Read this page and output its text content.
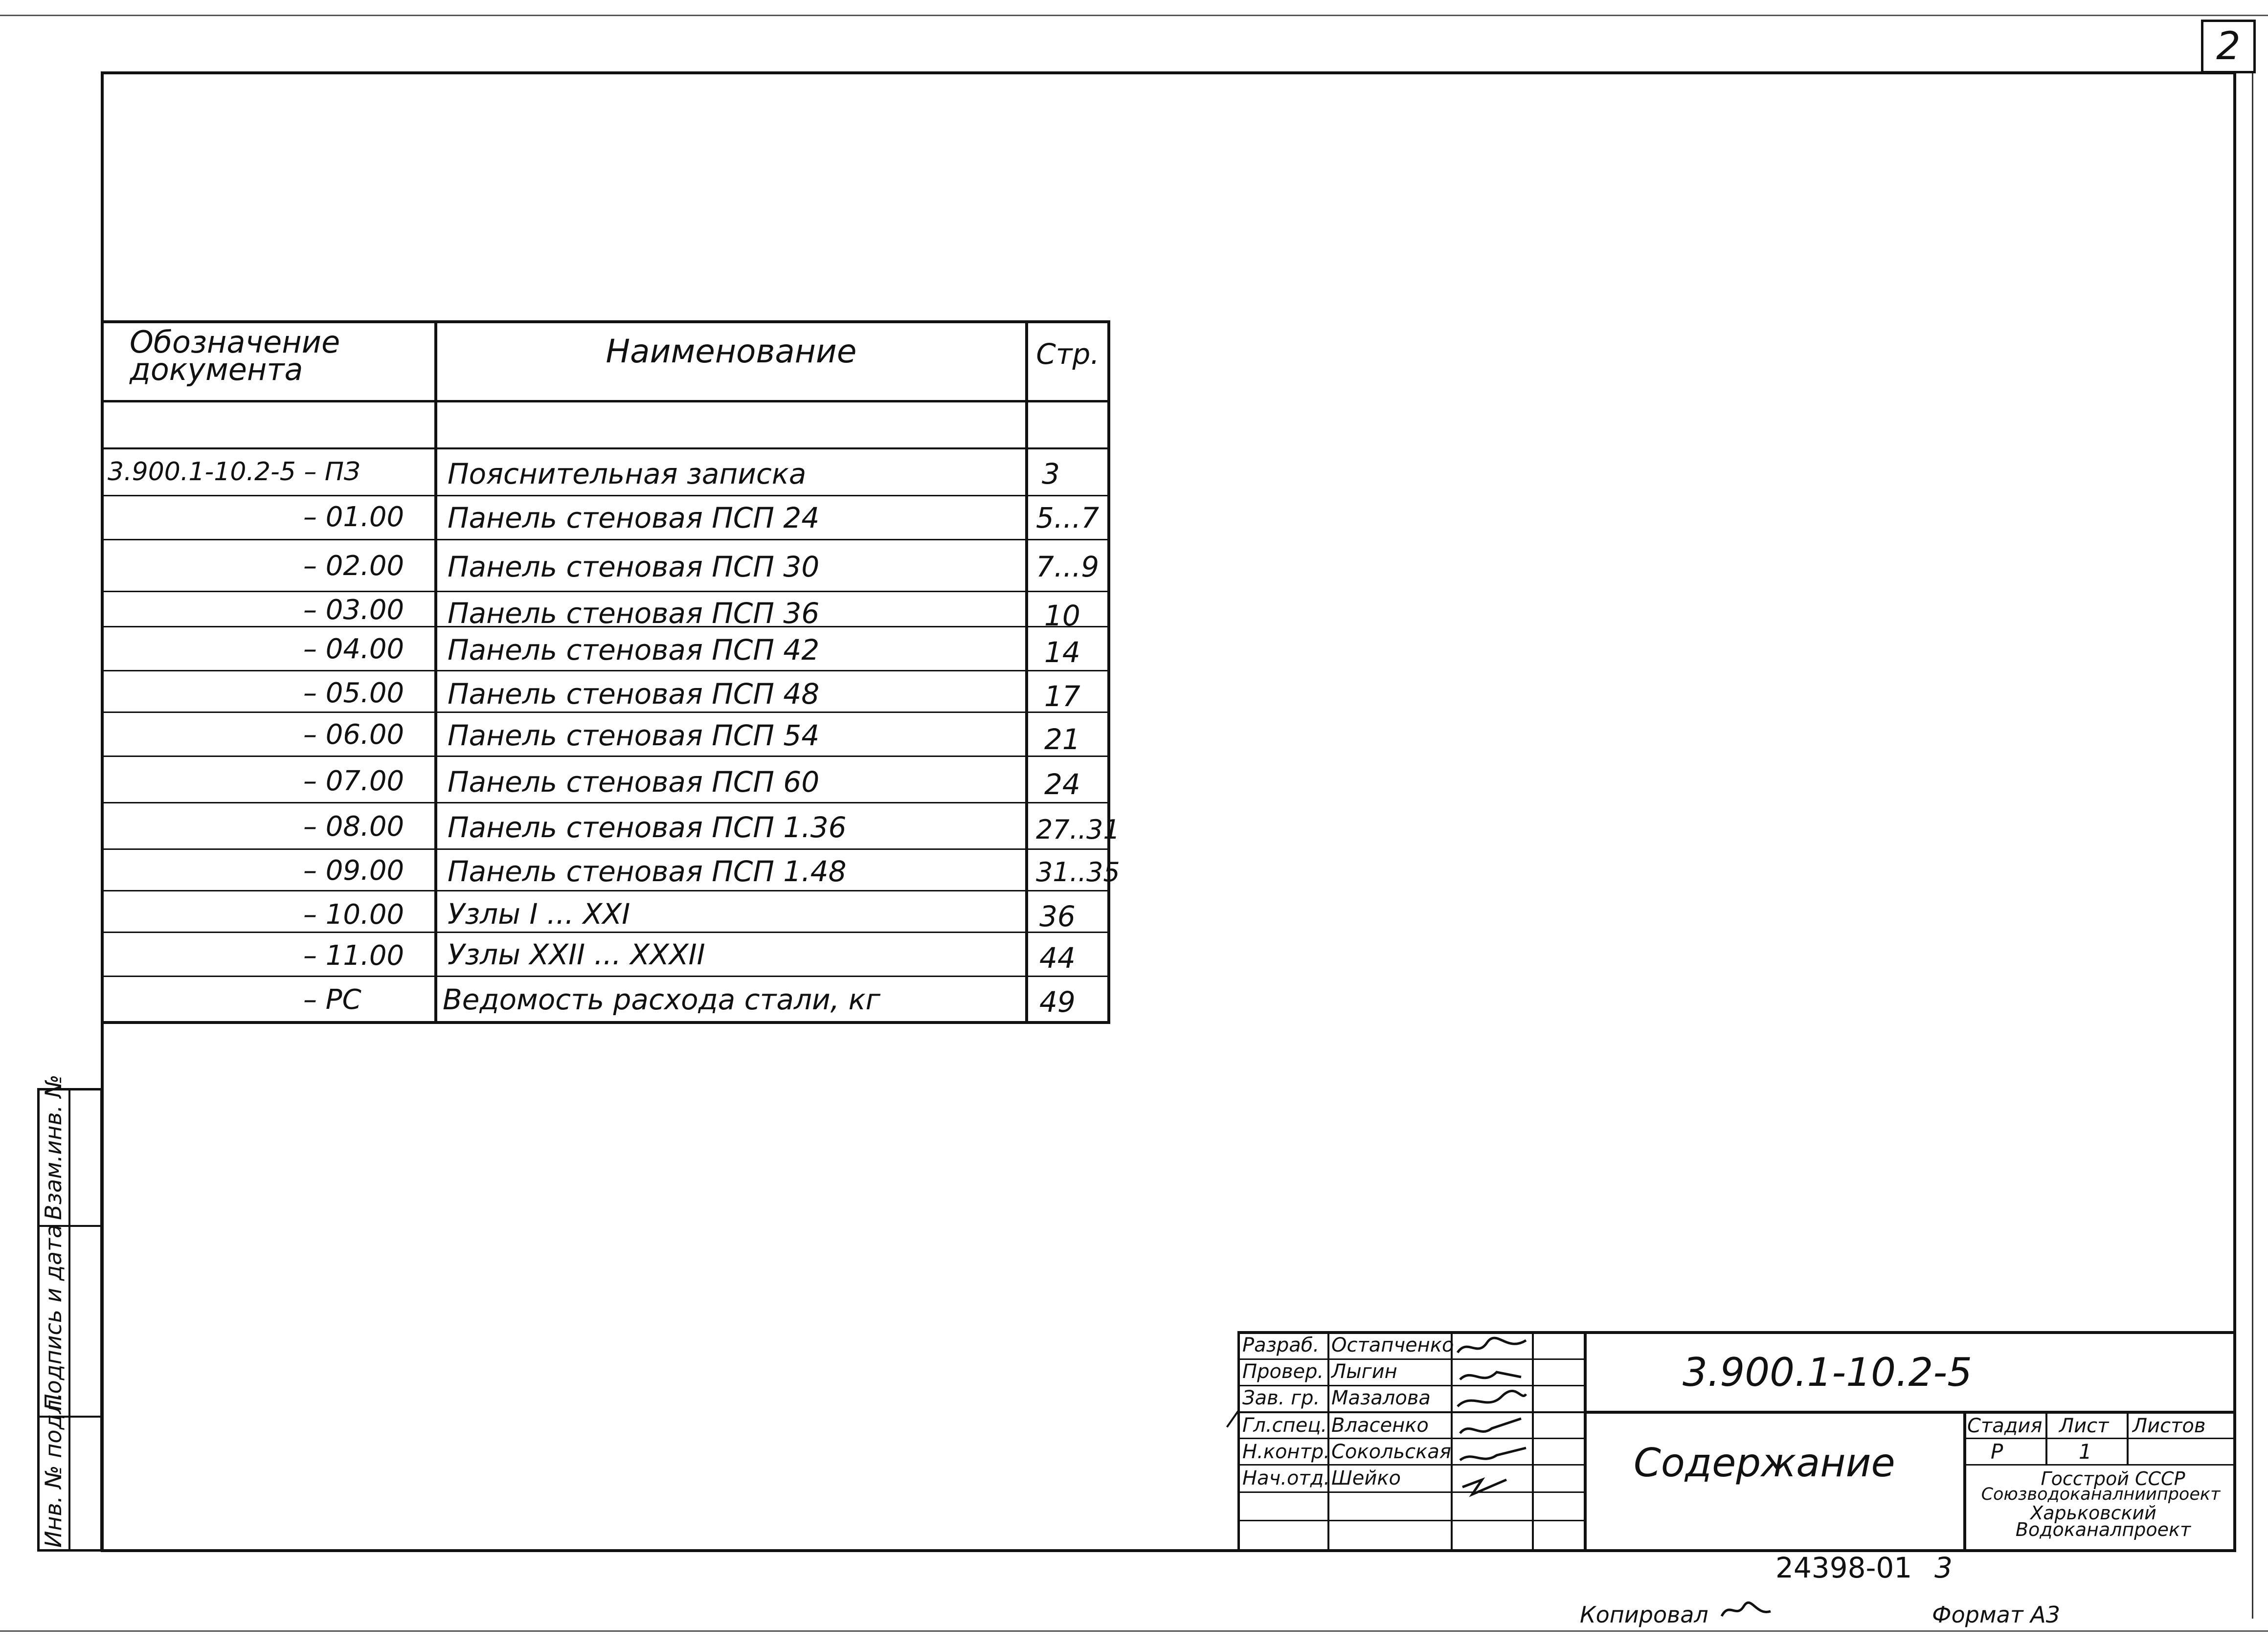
2
Обозначение документа	Наименование	Стр.
3.900.1-10.2-5 – ПЗ	Пояснительная записка	3
– 01.00 Панель стеновая ПСП 24	5...7
– 02.00 Панель стеновая ПСП 30	7...9
– 03.00 Панель стеновая ПСП 36	10
– 04.00 Панель стеновая ПСП 42	14
– 05.00 Панель стеновая ПСП 48	17
– 06.00 Панель стеновая ПСП 54	21
– 07.00 Панель стеновая ПСП 60	24
– 08.00 Панель стеновая ПСП 1.36	27..31
– 09.00 Панель стеновая ПСП 1.48	31..35
– 10.00 Узлы I ... XXI	36
– 11.00 Узлы XXII ... XXXII	44
– PC	Ведомость расхода стали, кг	49
Взам.инв. №
Подпись и дата
Инв. № подл.
Разраб. Остапченко
Провер. Лыгин
Зав. гр. Мазалова
Гл.спец. Власенко
Н.контр. Сокольская
Нач.отд. Шейко
3.900.1-10.2-5
Содержание
Стадия Лист Листов
Р	1
Госстрой СССР
Союзводоканалниипроект
Харьковский
Водоканалпроект
24398-01 3
Копировал	Формат А3
